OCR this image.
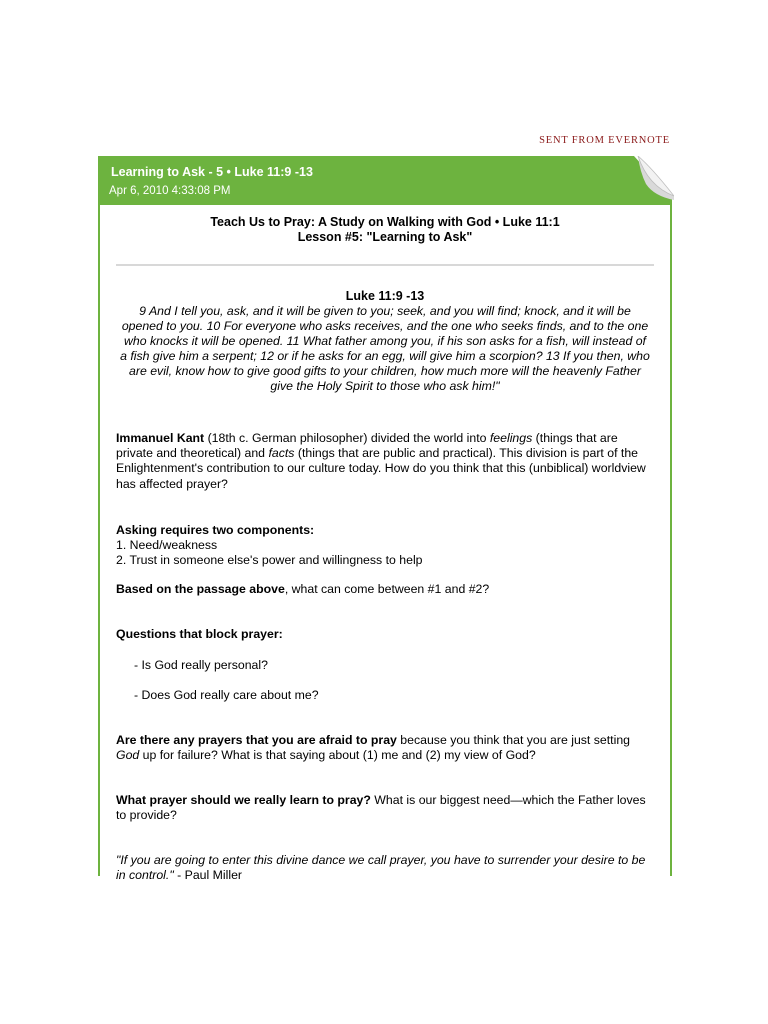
SENT FROM EVERNOTE
Learning to Ask - 5 • Luke 11:9 -13
Apr 6, 2010 4:33:08 PM
Teach Us to Pray: A Study on Walking with God • Luke 11:1
Lesson #5: "Learning to Ask"
Luke 11:9 -13
9 And I tell you, ask, and it will be given to you; seek, and you will find; knock, and it will be opened to you. 10 For everyone who asks receives, and the one who seeks finds, and to the one who knocks it will be opened. 11 What father among you, if his son asks for a fish, will instead of a fish give him a serpent; 12 or if he asks for an egg, will give him a scorpion? 13 If you then, who are evil, know how to give good gifts to your children, how much more will the heavenly Father give the Holy Spirit to those who ask him!"
Immanuel Kant (18th c. German philosopher) divided the world into feelings (things that are private and theoretical) and facts (things that are public and practical). This division is part of the Enlightenment's contribution to our culture today. How do you think that this (unbiblical) worldview has affected prayer?
Asking requires two components:
1. Need/weakness
2. Trust in someone else's power and willingness to help
Based on the passage above, what can come between #1 and #2?
Questions that block prayer:
- Is God really personal?
- Does God really care about me?
Are there any prayers that you are afraid to pray because you think that you are just setting God up for failure? What is that saying about (1) me and (2) my view of God?
What prayer should we really learn to pray? What is our biggest need—which the Father loves to provide?
"If you are going to enter this divine dance we call prayer, you have to surrender your desire to be in control." - Paul Miller
